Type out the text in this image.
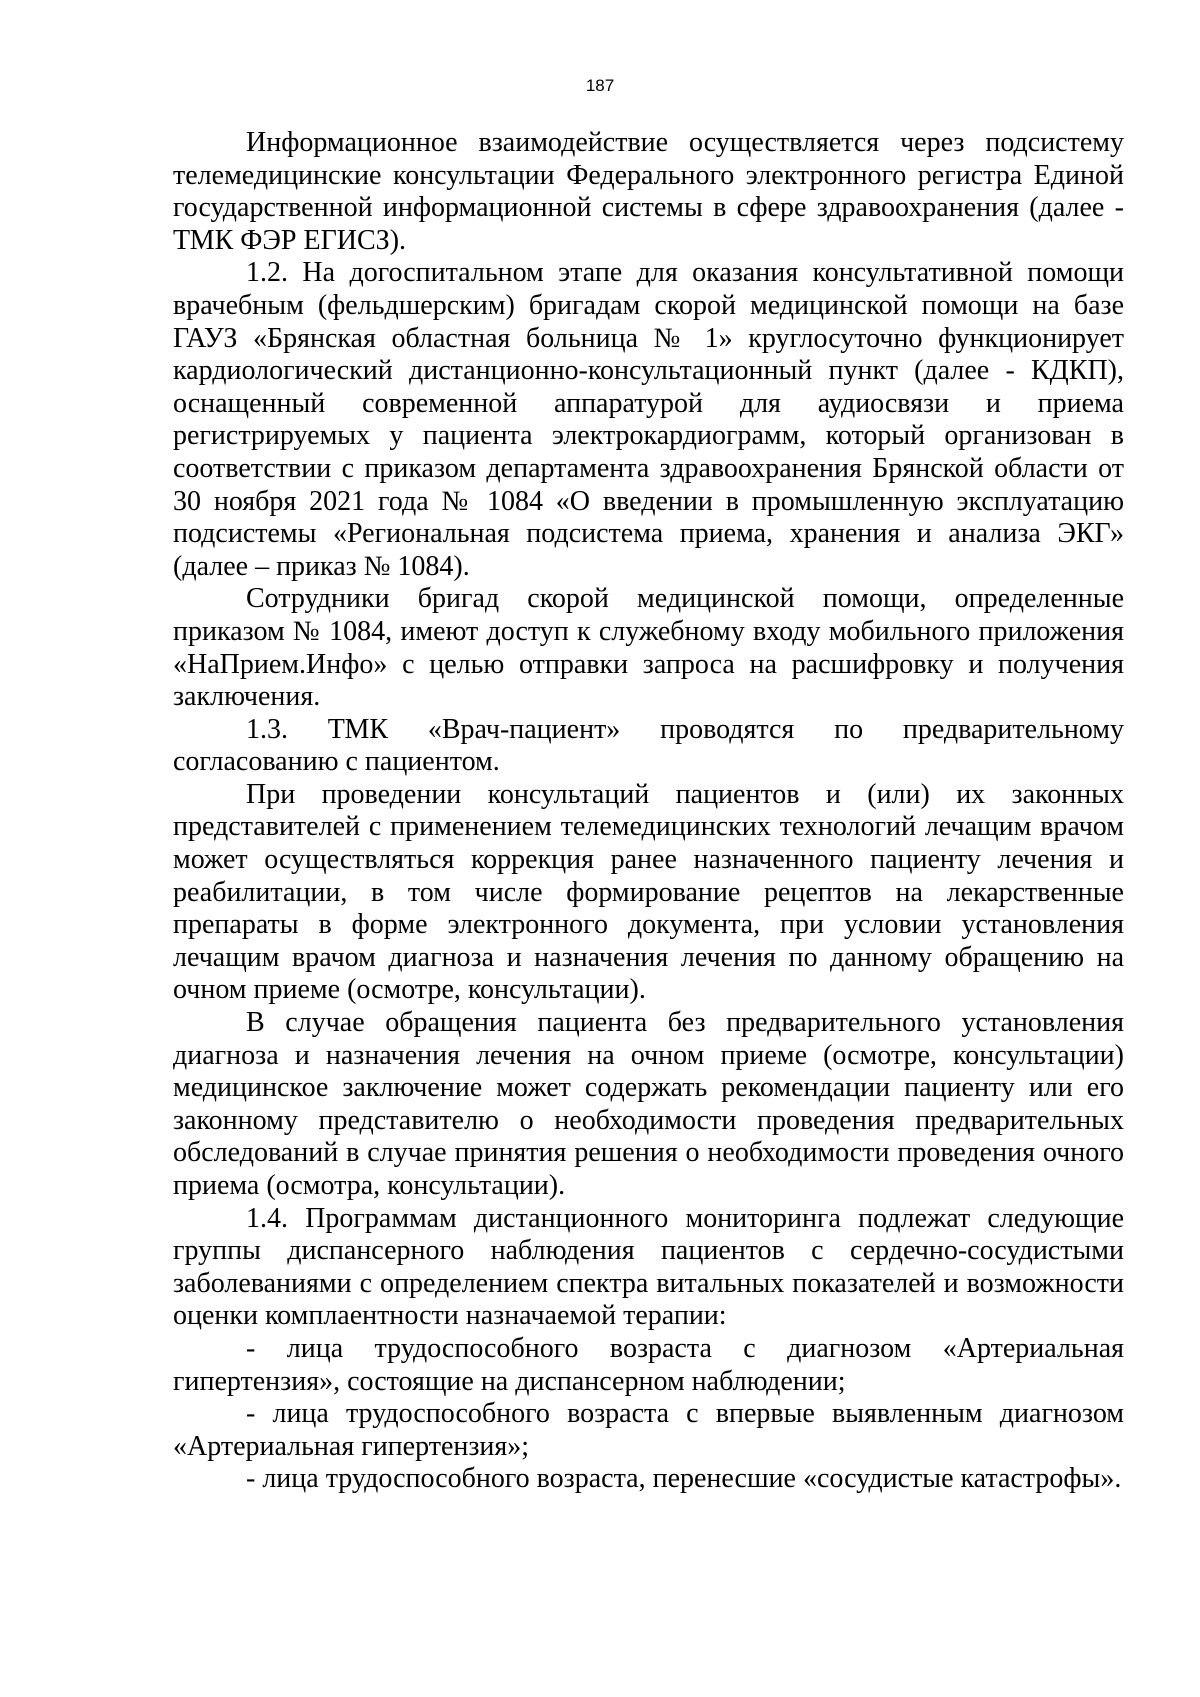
187

Информационное взаимодействие осуществляется через подсистему телемедицинские консультации Федерального электронного регистра Единой государственной информационной системы в сфере здравоохранения (далее - ТМК ФЭР ЕГИСЗ).

1.2. На догоспитальном этапе для оказания консультативной помощи врачебным (фельдшерским) бригадам скорой медицинской помощи на базе ГАУЗ «Брянская областная больница № 1» круглосуточно функционирует кардиологический дистанционно-консультационный пункт (далее - КДКП), оснащенный современной аппаратурой для аудиосвязи и приема регистрируемых у пациента электрокардиограмм, который организован в соответствии с приказом департамента здравоохранения Брянской области от 30 ноября 2021 года № 1084 «О введении в промышленную эксплуатацию подсистемы «Региональная подсистема приема, хранения и анализа ЭКГ» (далее – приказ № 1084).

Сотрудники бригад скорой медицинской помощи, определенные приказом № 1084, имеют доступ к служебному входу мобильного приложения «НаПрием.Инфо» с целью отправки запроса на расшифровку и получения заключения.

1.3. ТМК «Врач-пациент» проводятся по предварительному согласованию с пациентом.

При проведении консультаций пациентов и (или) их законных представителей с применением телемедицинских технологий лечащим врачом может осуществляться коррекция ранее назначенного пациенту лечения и реабилитации, в том числе формирование рецептов на лекарственные препараты в форме электронного документа, при условии установления лечащим врачом диагноза и назначения лечения по данному обращению на очном приеме (осмотре, консультации).

В случае обращения пациента без предварительного установления диагноза и назначения лечения на очном приеме (осмотре, консультации) медицинское заключение может содержать рекомендации пациенту или его законному представителю о необходимости проведения предварительных обследований в случае принятия решения о необходимости проведения очного приема (осмотра, консультации).

1.4. Программам дистанционного мониторинга подлежат следующие группы диспансерного наблюдения пациентов с сердечно-сосудистыми заболеваниями с определением спектра витальных показателей и возможности оценки комплаентности назначаемой терапии:

- лица трудоспособного возраста с диагнозом «Артериальная гипертензия», состоящие на диспансерном наблюдении;

- лица трудоспособного возраста с впервые выявленным диагнозом «Артериальная гипертензия»;

- лица трудоспособного возраста, перенесшие «сосудистые катастрофы».
